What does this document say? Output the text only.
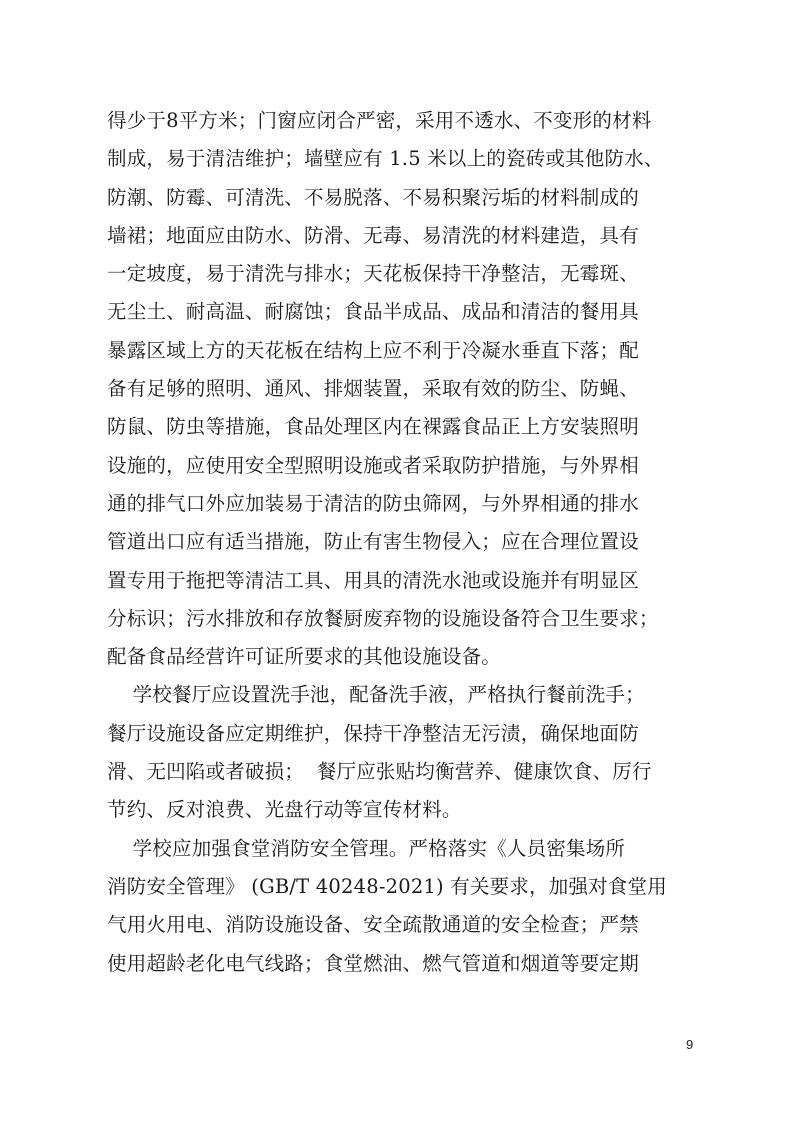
得少于8平方米；门窗应闭合严密，采用不透水、不变形的材料
制成，易于清洁维护；墙壁应有 1.5 米以上的瓷砖或其他防水、
防潮、防霉、可清洗、不易脱落、不易积聚污垢的材料制成的
墙裙；地面应由防水、防滑、无毒、易清洗的材料建造，具有
一定坡度，易于清洗与排水；天花板保持干净整洁，无霉斑、
无尘土、耐高温、耐腐蚀；食品半成品、成品和清洁的餐用具
暴露区域上方的天花板在结构上应不利于冷凝水垂直下落；配
备有足够的照明、通风、排烟装置，采取有效的防尘、防蝇、
防鼠、防虫等措施，食品处理区内在裸露食品正上方安装照明
设施的，应使用安全型照明设施或者采取防护措施，与外界相
通的排气口外应加装易于清洁的防虫筛网，与外界相通的排水
管道出口应有适当措施，防止有害生物侵入；应在合理位置设
置专用于拖把等清洁工具、用具的清洗水池或设施并有明显区
分标识；污水排放和存放餐厨废弃物的设施设备符合卫生要求；
配备食品经营许可证所要求的其他设施设备。
学校餐厅应设置洗手池，配备洗手液，严格执行餐前洗手；
餐厅设施设备应定期维护，保持干净整洁无污渍，确保地面防
滑、无凹陷或者破损；  餐厅应张贴均衡营养、健康饮食、厉行
节约、反对浪费、光盘行动等宣传材料。
学校应加强食堂消防安全管理。严格落实《人员密集场所
消防安全管理》 (GB/T 40248-2021) 有关要求，加强对食堂用
气用火用电、消防设施设备、安全疏散通道的安全检查；严禁
使用超龄老化电气线路；食堂燃油、燃气管道和烟道等要定期
9
